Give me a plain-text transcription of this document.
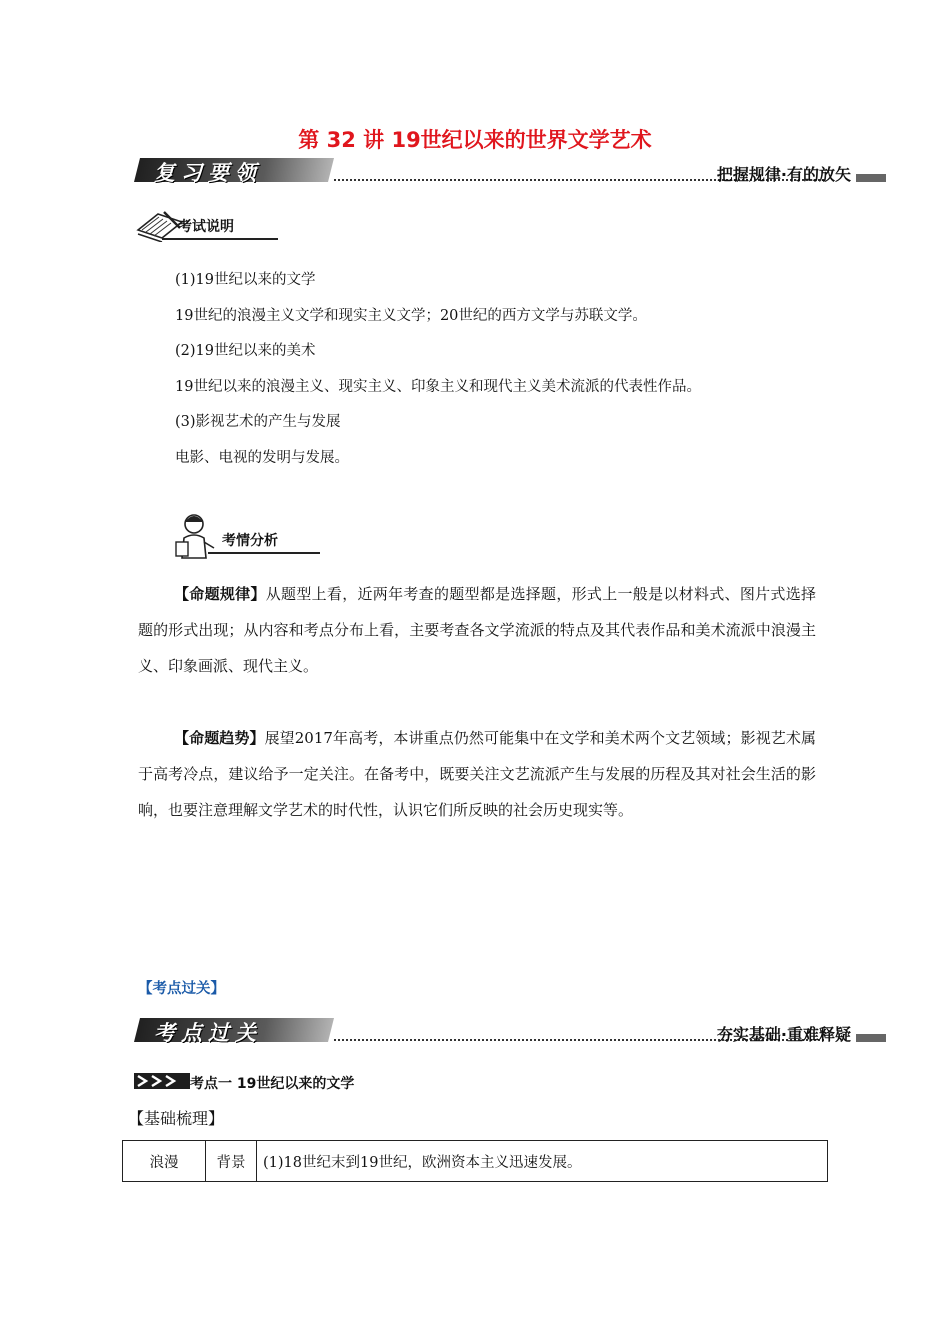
第 32 讲 19世纪以来的世界文学艺术
复习要领	把握规律·有的放矢
考试说明
(1)19世纪以来的文学
19世纪的浪漫主义文学和现实主义文学；20世纪的西方文学与苏联文学。
(2)19世纪以来的美术
19世纪以来的浪漫主义、现实主义、印象主义和现代主义美术流派的代表性作品。
(3)影视艺术的产生与发展
电影、电视的发明与发展。
考情分析
【命题规律】从题型上看，近两年考查的题型都是选择题，形式上一般是以材料式、图片式选择题的形式出现；从内容和考点分布上看，主要考查各文学流派的特点及其代表作品和美术流派中浪漫主义、印象画派、现代主义。
【命题趋势】展望2017年高考，本讲重点仍然可能集中在文学和美术两个文艺领域；影视艺术属于高考冷点，建议给予一定关注。在备考中，既要关注文艺流派产生与发展的历程及其对社会生活的影响，也要注意理解文学艺术的时代性，认识它们所反映的社会历史现实等。
【考点过关】
考点过关	夯实基础·重难释疑
考点一 19世纪以来的文学
【基础梳理】
浪漫	背景	(1)18世纪末到19世纪，欧洲资本主义迅速发展。
